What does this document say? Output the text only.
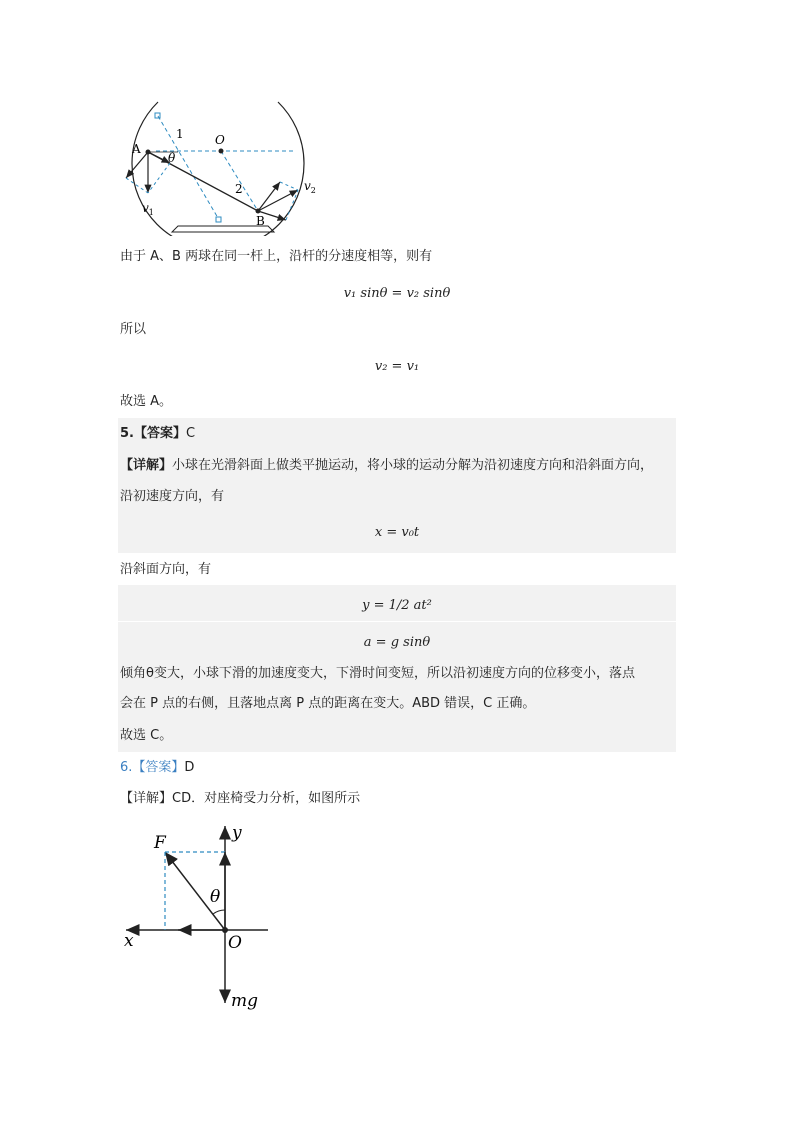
A
B
O
1
2
θ
$v_1$
$v_2$
由于 A、B 两球在同一杆上，沿杆的分速度相等，则有
v₁ sinθ = v₂ sinθ
所以
v₂ = v₁
故选 A。
5.【答案】C
【详解】小球在光滑斜面上做类平抛运动，将小球的运动分解为沿初速度方向和沿斜面方向，
沿初速度方向，有
x = v₀t
沿斜面方向，有
y = 1/2 at²
a = g sinθ
倾角θ变大，小球下滑的加速度变大，下滑时间变短，所以沿初速度方向的位移变小，落点
会在 P 点的右侧，且落地点离 P 点的距离在变大。ABD 错误，C 正确。
故选 C。
6.【答案】D
【详解】CD．对座椅受力分析，如图所示
F	y
x	O
θ
mg
